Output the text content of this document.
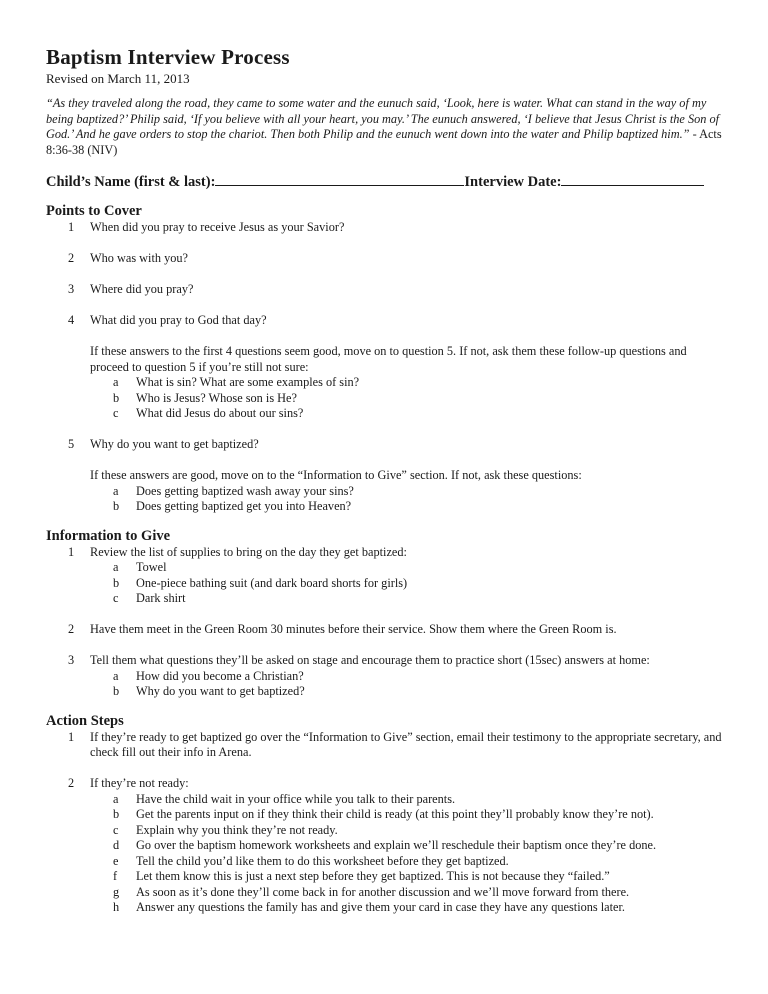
Baptism Interview Process
Revised on March 11, 2013
“As they traveled along the road, they came to some water and the eunuch said, ‘Look, here is water. What can stand in the way of my being baptized?’ Philip said, ‘If you believe with all your heart, you may.’ The eunuch answered, ‘I believe that Jesus Christ is the Son of God.’ And he gave orders to stop the chariot. Then both Philip and the eunuch went down into the water and Philip baptized him.” - Acts 8:36-38 (NIV)
Child’s Name (first & last):	Interview Date:
Points to Cover
1 When did you pray to receive Jesus as your Savior?
2 Who was with you?
3 Where did you pray?
4 What did you pray to God that day?
If these answers to the first 4 questions seem good, move on to question 5. If not, ask them these follow-up questions and proceed to question 5 if you’re still not sure:
a What is sin? What are some examples of sin?
b Who is Jesus? Whose son is He?
c What did Jesus do about our sins?
5 Why do you want to get baptized?
If these answers are good, move on to the “Information to Give” section. If not, ask these questions:
a Does getting baptized wash away your sins?
b Does getting baptized get you into Heaven?
Information to Give
1 Review the list of supplies to bring on the day they get baptized:
a Towel
b One-piece bathing suit (and dark board shorts for girls)
c Dark shirt
2 Have them meet in the Green Room 30 minutes before their service. Show them where the Green Room is.
3 Tell them what questions they’ll be asked on stage and encourage them to practice short (15sec) answers at home:
a How did you become a Christian?
b Why do you want to get baptized?
Action Steps
1 If they’re ready to get baptized go over the “Information to Give” section, email their testimony to the appropriate secretary, and check fill out their info in Arena.
2 If they’re not ready:
a Have the child wait in your office while you talk to their parents.
b Get the parents input on if they think their child is ready (at this point they’ll probably know they’re not).
c Explain why you think they’re not ready.
d Go over the baptism homework worksheets and explain we’ll reschedule their baptism once they’re done.
e Tell the child you’d like them to do this worksheet before they get baptized.
f Let them know this is just a next step before they get baptized. This is not because they “failed.”
g As soon as it’s done they’ll come back in for another discussion and we’ll move forward from there.
h Answer any questions the family has and give them your card in case they have any questions later.
